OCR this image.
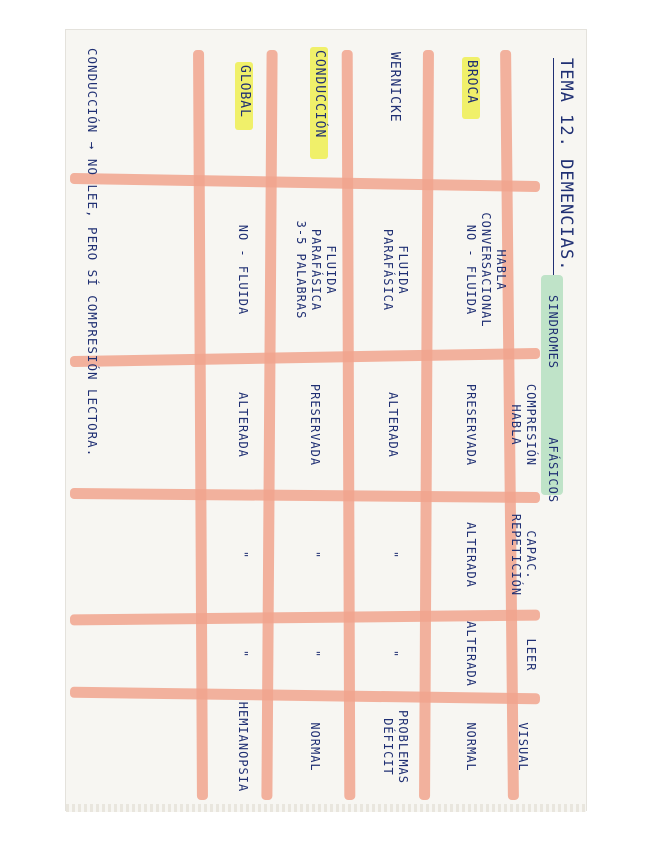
TEMA 12. DEMENCIAS.
SINDROMES AFÁSICOS
HABLA
CONVERSACIONAL
COMPRESIÓN
HABLA
CAPAC.
REPETICIÓN
LEER
VISUAL
BROCA
WERNICKE
CONDUCCIÓN
GLOBAL
NO - FLUIDA
PRESERVADA
ALTERADA
ALTERADA
NORMAL
FLUIDA
PARAFÁSICA
ALTERADA
"
"
PROBLEMAS
DÉFICIT
FLUIDA
PARAFÁSICA
3-5 PALABRAS
PRESERVADA
"
"
NORMAL
NO - FLUIDA
ALTERADA
"
"
HEMIANOPSIA
CONDUCCIÓN → NO LEE, PERO SÍ COMPRESIÓN LECTORA.
